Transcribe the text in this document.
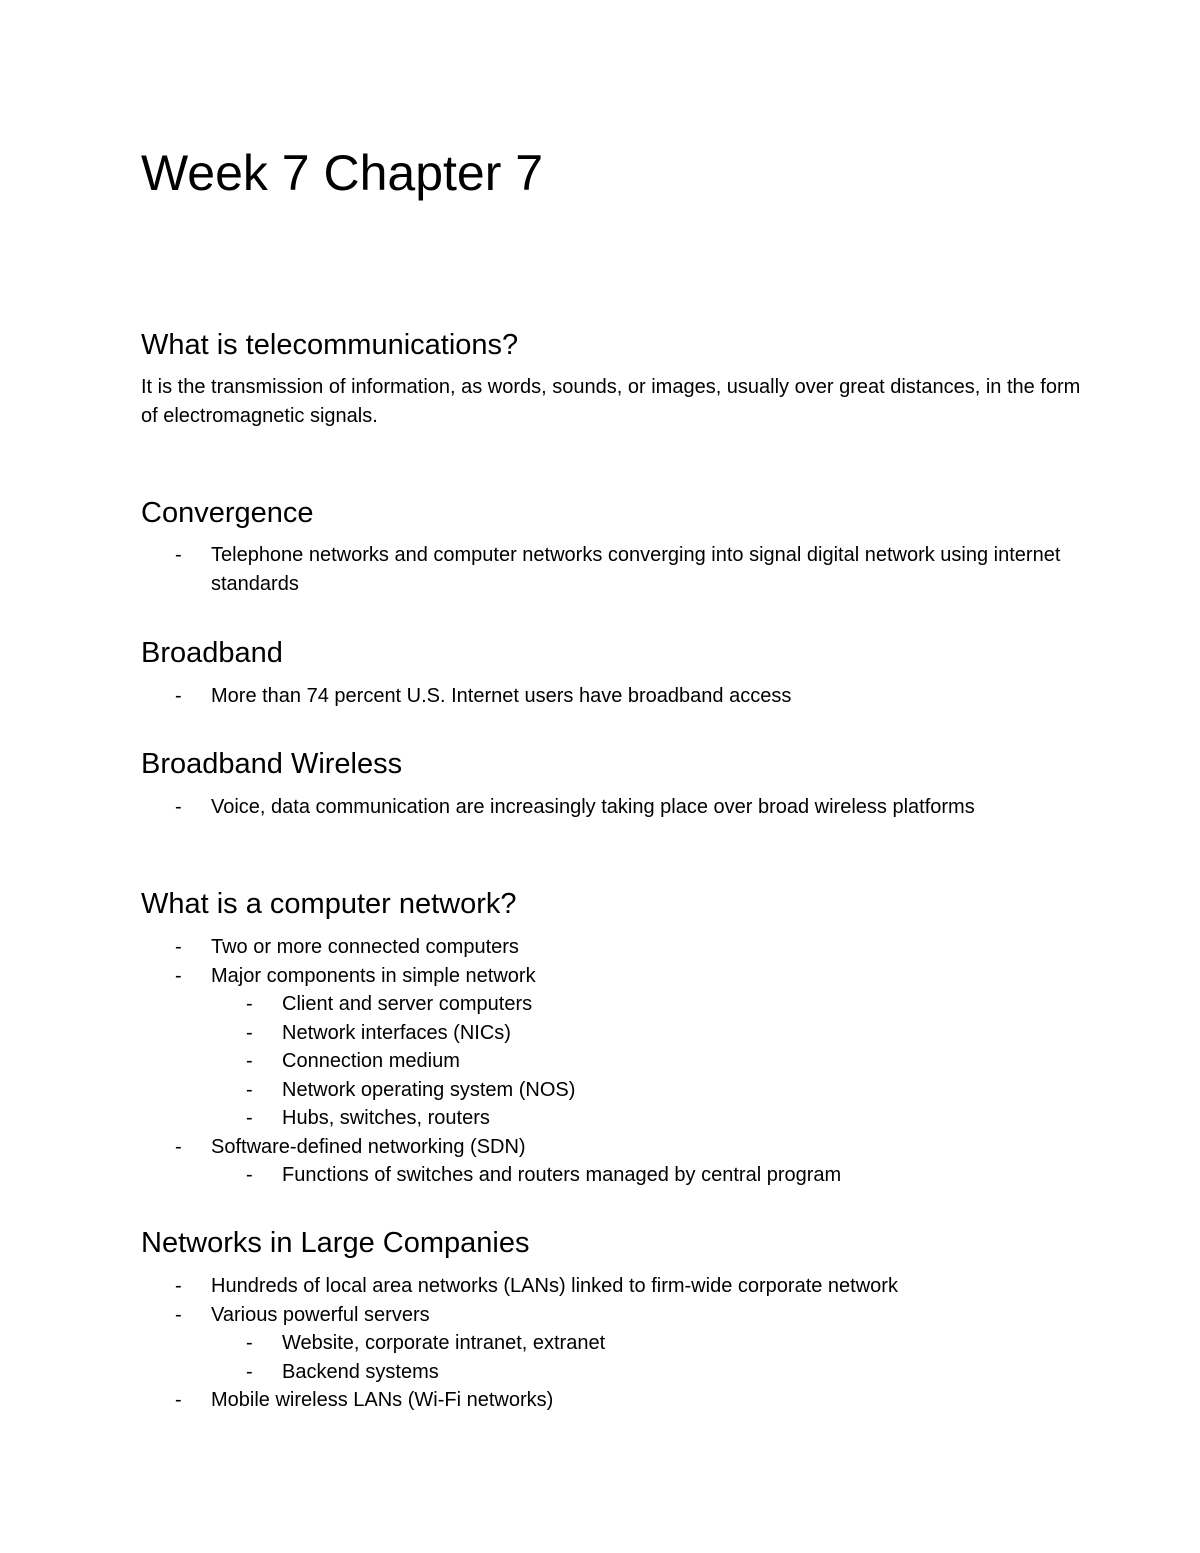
Week 7 Chapter 7
What is telecommunications?

It is the transmission of information, as words, sounds, or images, usually over great distances, in the form of electromagnetic signals.

Convergence
- Telephone networks and computer networks converging into signal digital network using internet standards
Broadband
- More than 74 percent U.S. Internet users have broadband access
Broadband Wireless
- Voice, data communication are increasingly taking place over broad wireless platforms
What is a computer network?
- Two or more connected computers
- Major components in simple network
- Client and server computers
- Network interfaces (NICs)
- Connection medium
- Network operating system (NOS)
- Hubs, switches, routers
- Software-defined networking (SDN)
- Functions of switches and routers managed by central program
Networks in Large Companies
- Hundreds of local area networks (LANs) linked to firm-wide corporate network
- Various powerful servers
- Website, corporate intranet, extranet
- Backend systems
- Mobile wireless LANs (Wi-Fi networks)
